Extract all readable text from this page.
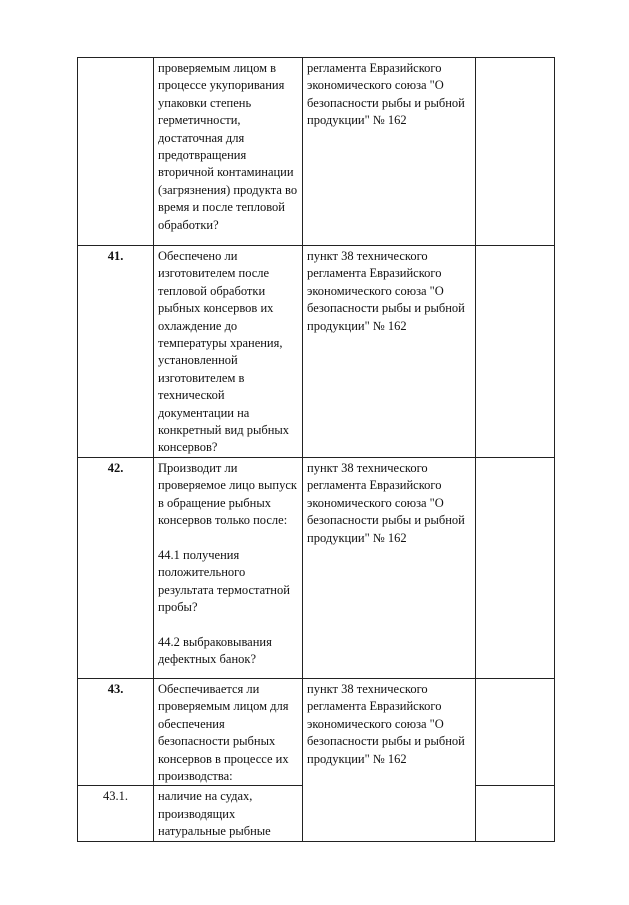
	проверяемым лицом в процессе укупоривания упаковки степень герметичности, достаточная для предотвращения вторичной контаминации (загрязнения) продукта во время и после тепловой обработки?	регламента Евразийского экономического союза "О безопасности рыбы и рыбной продукции" № 162	

41.	Обеспечено ли изготовителем после тепловой обработки рыбных консервов их охлаждение до температуры хранения, установленной изготовителем в технической документации на конкретный вид рыбных консервов?	пункт 38 технического регламента Евразийского экономического союза "О безопасности рыбы и рыбной продукции" № 162	

42.	Производит ли проверяемое лицо выпуск в обращение рыбных консервов только после:
44.1 получения положительного результата термостатной пробы?
44.2 выбраковывания дефектных банок?	пункт 38 технического регламента Евразийского экономического союза "О безопасности рыбы и рыбной продукции" № 162	

43.	Обеспечивается ли проверяемым лицом для обеспечения безопасности рыбных консервов в процессе их производства:	пункт 38 технического регламента Евразийского экономического союза "О безопасности рыбы и рыбной продукции" № 162	

43.1.	наличие на судах, производящих натуральные рыбные		
